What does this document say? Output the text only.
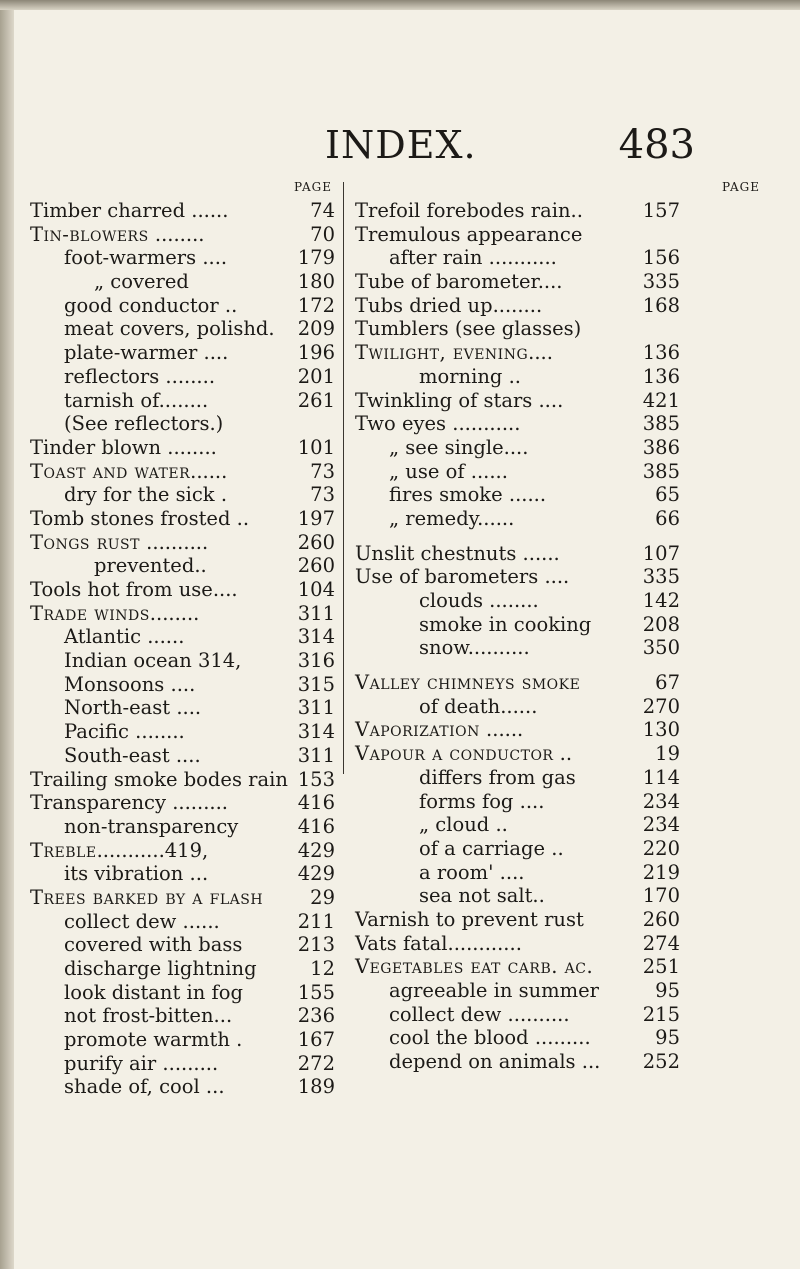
INDEX.	483
PAGE	PAGE
Timber charred ......	74
Tin-blowers ........	70
foot-warmers ....	179
„ covered	180
good conductor ..	172
meat covers, polishd. 209
plate-warmer ....	196
reflectors ........	201
tarnish of........	261
(See reflectors.)
Tinder blown ........	101
Toast and water......	73
dry for the sick .	73
Tomb stones frosted .. 197
Tongs rust ..........	260
prevented..	260
Tools hot from use....	104
Trade winds........	311
Atlantic ......	314
Indian ocean 314,	316
Monsoons ....	315
North-east ....	311
Pacific ........	314
South-east ....	311
Trailing smoke bodes rain 153
Transparency .........	416
non-transparency	416
Treble...........419,	429
its vibration ...	429
Trees barked by a flash 29
collect dew ......	211
covered with bass	213
discharge lightning	12
look distant in fog	155
not frost-bitten...	236
promote warmth .	167
purify air .........	272
shade of, cool ...	189
Trefoil forebodes rain..	157
Tremulous appearance
after rain ...........	156
Tube of barometer....	335
Tubs dried up........	168
Tumblers (see glasses)
Twilight, evening....	136
morning ..	136
Twinkling of stars ....	421
Two eyes ...........	385
„ see single....	386
„ use of ......	385
fires smoke ......	65
„ remedy......	66
Unslit chestnuts ......	107
Use of barometers ....	335
clouds ........	142
smoke in cooking	208
snow..........	350
Valley chimneys smoke	67
of death......	270
Vaporization ......	130
Vapour a conductor ..	19
differs from gas	114
forms fog ....	234
„ cloud ..	234
of a carriage ..	220
a room' ....	219
sea not salt..	170
Varnish to prevent rust	260
Vats fatal............	274
Vegetables eat carb. ac.	251
agreeable in summer	95
collect dew ..........	215
cool the blood .........	95
depend on animals ... 252
